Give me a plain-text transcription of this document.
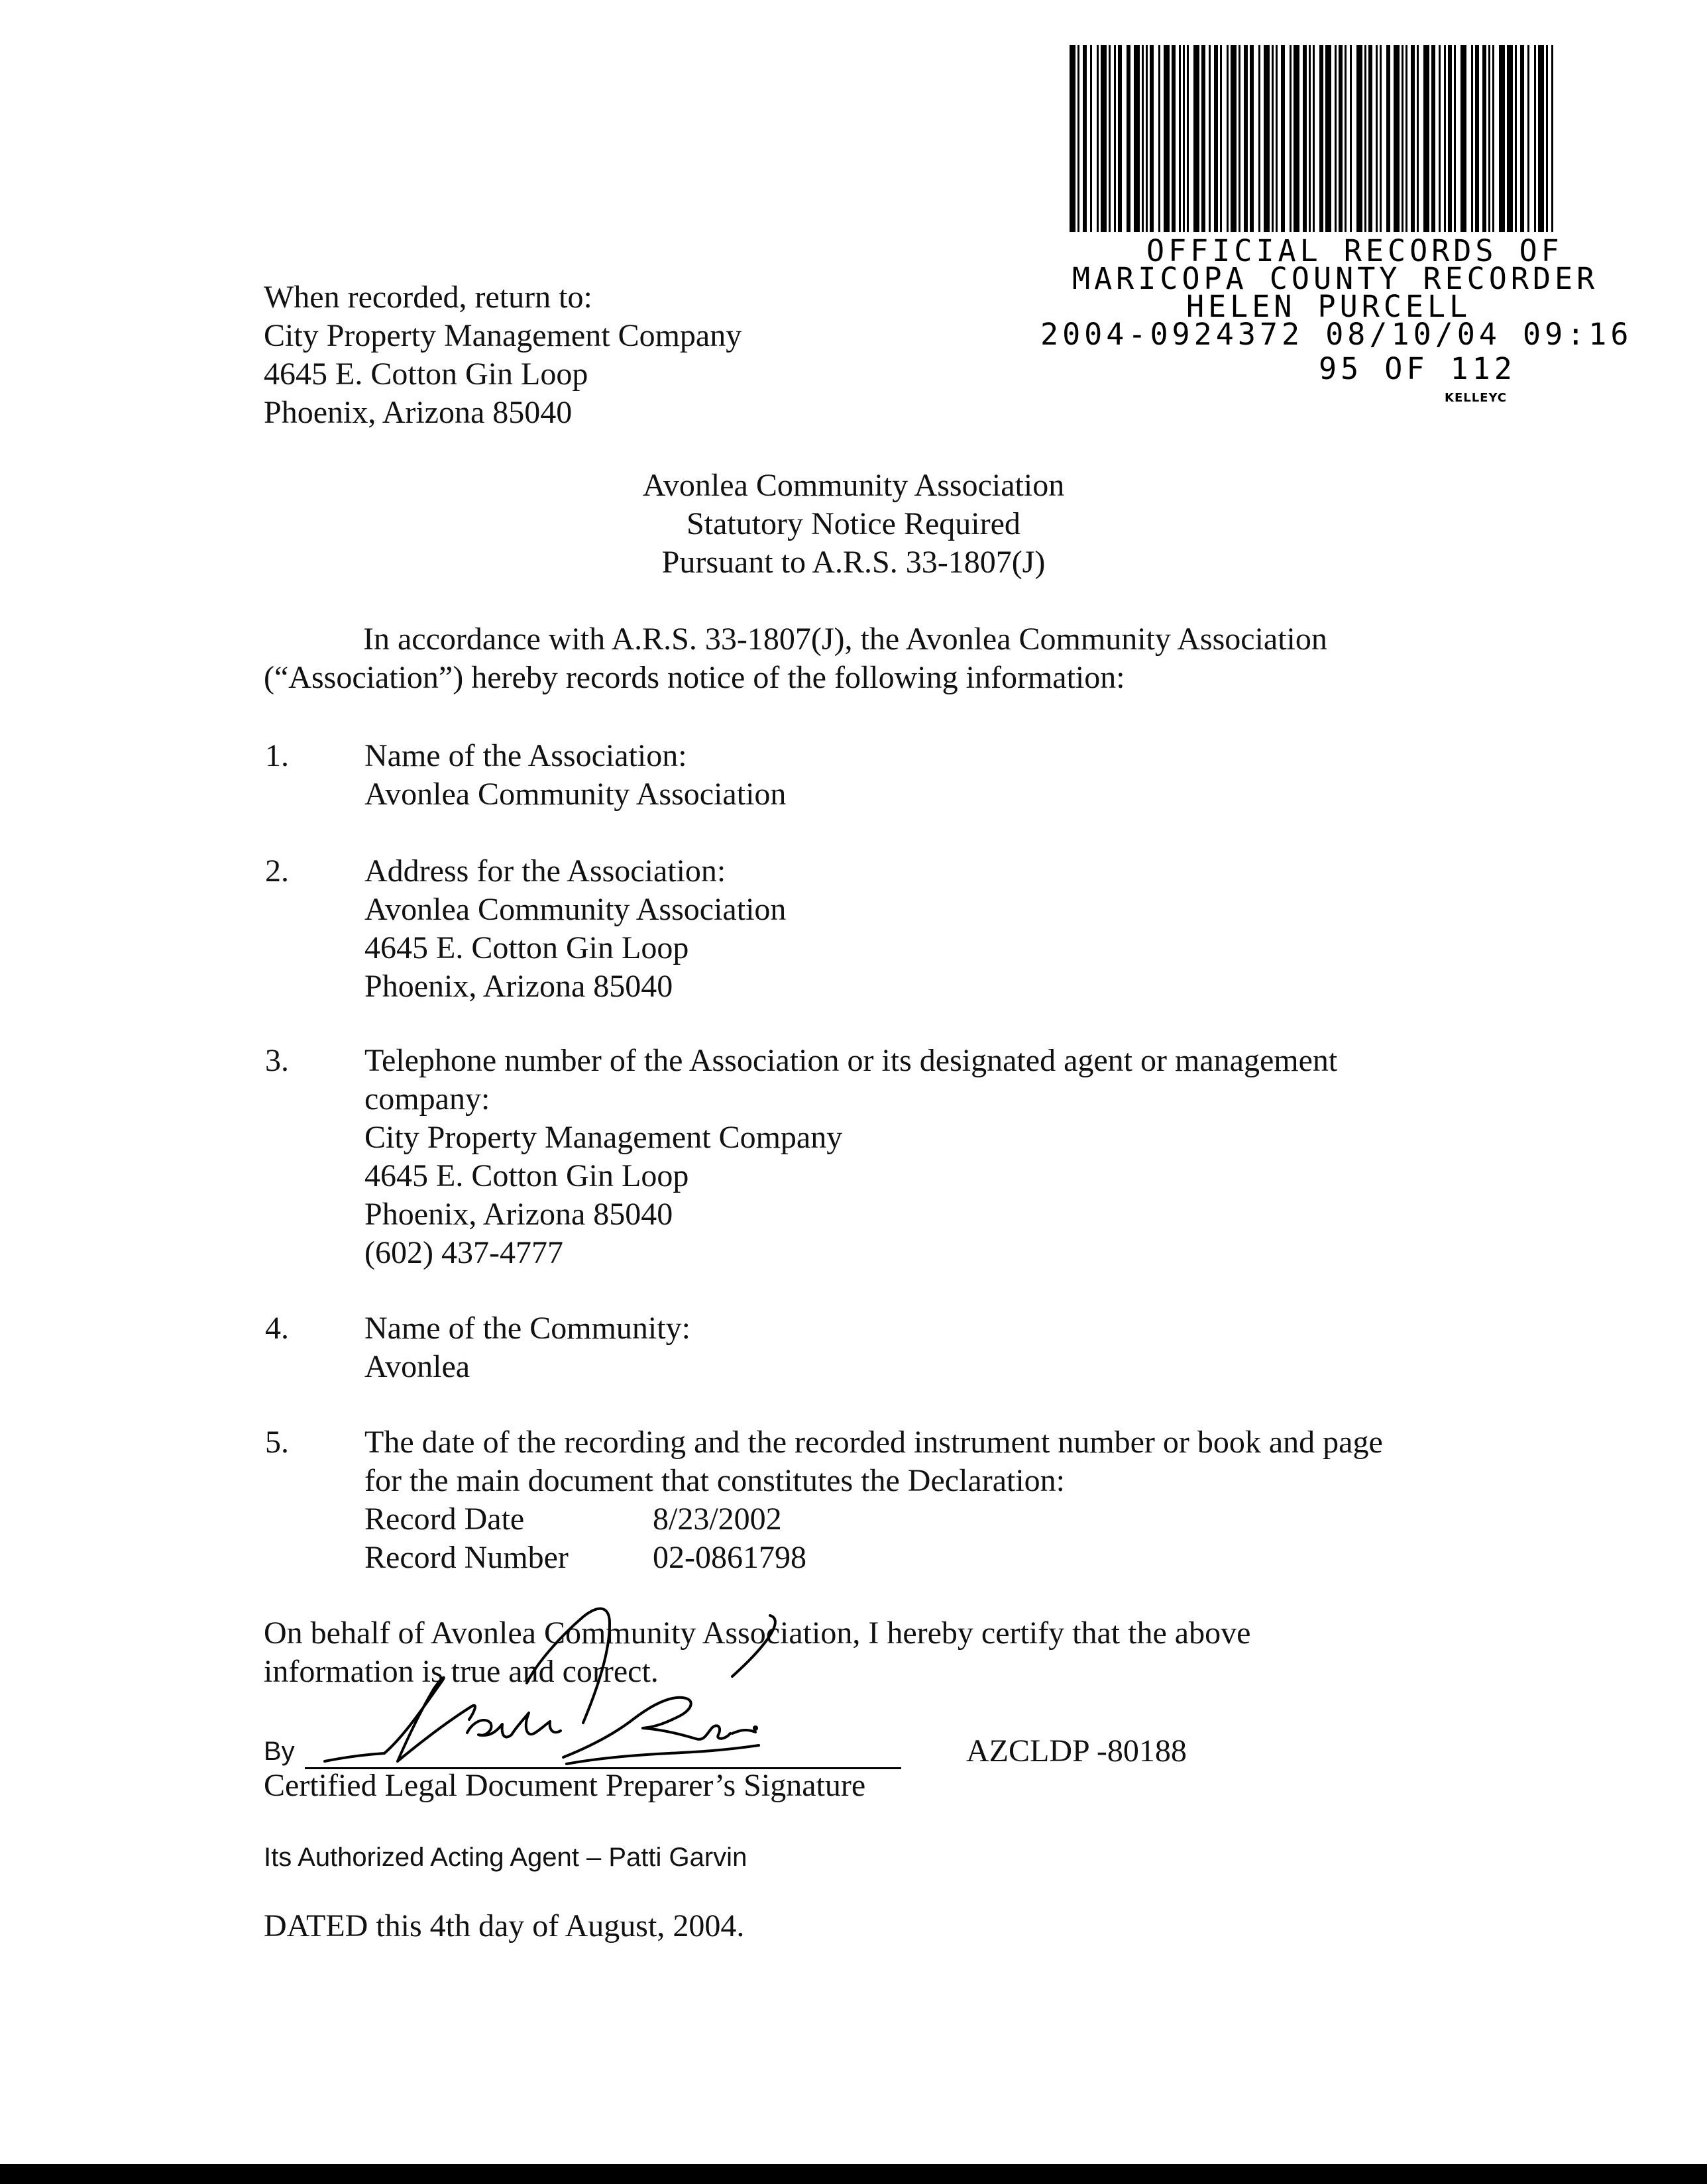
OFFICIAL RECORDS OF
MARICOPA COUNTY RECORDER
HELEN PURCELL
2004-0924372 08/10/04 09:16
95 OF 112
KELLEYC
When recorded, return to:
City Property Management Company
4645 E. Cotton Gin Loop
Phoenix, Arizona 85040
Avonlea Community Association
Statutory Notice Required
Pursuant to A.R.S. 33-1807(J)
In accordance with A.R.S. 33-1807(J), the Avonlea Community Association
(“Association”) hereby records notice of the following information:
1. Name of the Association:
Avonlea Community Association
2. Address for the Association:
Avonlea Community Association
4645 E. Cotton Gin Loop
Phoenix, Arizona 85040
3. Telephone number of the Association or its designated agent or management
company:
City Property Management Company
4645 E. Cotton Gin Loop
Phoenix, Arizona 85040
(602) 437-4777
4. Name of the Community:
Avonlea
5. The date of the recording and the recorded instrument number or book and page
for the main document that constitutes the Declaration:
Record Date	8/23/2002
Record Number	02-0861798
On behalf of Avonlea Community Association, I hereby certify that the above
information is true and correct.
By	AZCLDP -80188
Certified Legal Document Preparer’s Signature
Its Authorized Acting Agent – Patti Garvin
DATED this 4th day of August, 2004.
